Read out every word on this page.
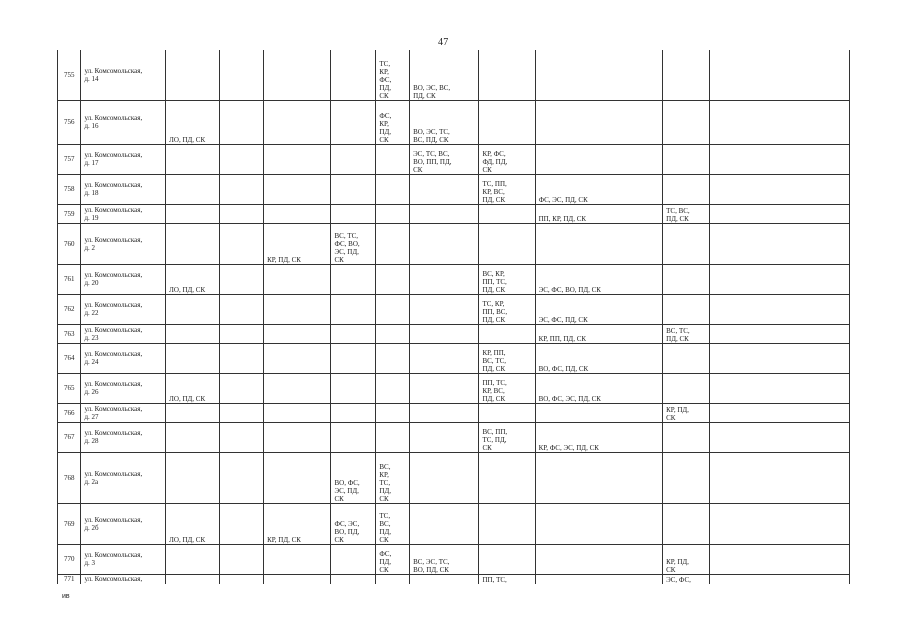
47
755	ул. Комсомольская,
д. 14					ТС,
КР,
ФС,
ПД,
СК	ВО, ЭС, ВС,
ПД, СК				
756	ул. Комсомольская,
д. 16	ЛО, ПД, СК				ФС,
КР,
ПД,
СК	ВО, ЭС, ТС,
ВС, ПД, СК				
757	ул. Комсомольская,
д. 17						ЭС, ТС, ВС,
ВО, ПП, ПД,
СК	КР, ФС,
ФД, ПД,
СК			
758	ул. Комсомольская,
д. 18							ТС, ПП,
КР, ВС,
ПД, СК	ФС, ЭС, ПД, СК		
759	ул. Комсомольская,
д. 19								ПП, КР, ПД, СК	ТС, ВС,
ПД, СК	
760	ул. Комсомольская,
д. 2			КР, ПД, СК	ВС, ТС,
ФС, ВО,
ЭС, ПД,
СК						
761	ул. Комсомольская,
д. 20	ЛО, ПД, СК						ВС, КР,
ПП, ТС,
ПД, СК	ЭС, ФС, ВО, ПД, СК		
762	ул. Комсомольская,
д. 22							ТС, КР,
ПП, ВС,
ПД, СК	ЭС, ФС, ПД, СК		
763	ул. Комсомольская,
д. 23								КР, ПП, ПД, СК	ВС, ТС,
ПД, СК	
764	ул. Комсомольская,
д. 24							КР, ПП,
ВС, ТС,
ПД, СК	ВО, ФС, ПД, СК		
765	ул. Комсомольская,
д. 26	ЛО, ПД, СК						ПП, ТС,
КР, ВС,
ПД, СК	ВО, ФС, ЭС, ПД, СК		
766	ул. Комсомольская,
д. 27									КР, ПД,
СК	
767	ул. Комсомольская,
д. 28							ВС, ПП,
ТС, ПД,
СК	КР, ФС, ЭС, ПД, СК		
768	ул. Комсомольская,
д. 2а				ВО, ФС,
ЭС, ПД,
СК	ВС,
КР,
ТС,
ПД,
СК					
769	ул. Комсомольская,
д. 2б	ЛО, ПД, СК		КР, ПД, СК	ФС, ЭС,
ВО, ПД,
СК	ТС,
ВС,
ПД,
СК					
770	ул. Комсомольская,
д. 3					ФС,
ПД,
СК	ВС, ЭС, ТС,
ВО, ПД, СК			КР, ПД,
СК	
771	ул. Комсомольская,							ПП, ТС,		ЭС, ФС,	
ив
